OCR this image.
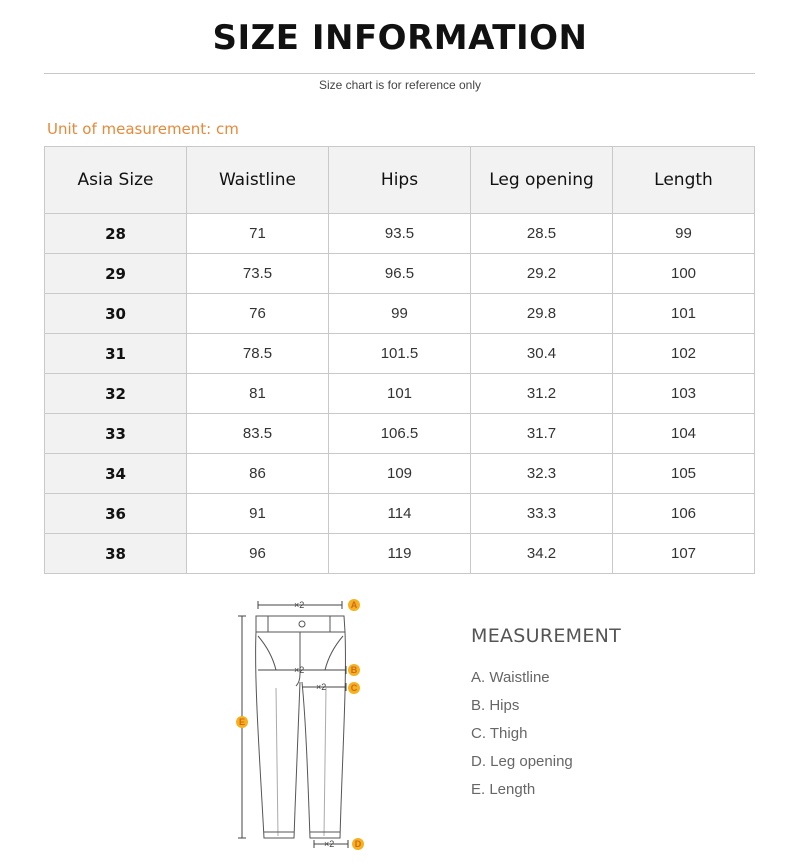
SIZE INFORMATION
Size chart is for reference only
Unit of measurement: cm
Asia Size	Waistline	Hips	Leg opening	Length
28	71	93.5	28.5	99
29	73.5	96.5	29.2	100
30	76	99	29.8	101
31	78.5	101.5	30.4	102
32	81	101	31.2	103
33	83.5	106.5	31.7	104
34	86	109	32.3	105
36	91	114	33.3	106
38	96	119	34.2	107
×2
×2
×2
×2
A
B
C
E
D
MEASUREMENT
A. Waistline
B. Hips
C. Thigh
D. Leg opening
E. Length
